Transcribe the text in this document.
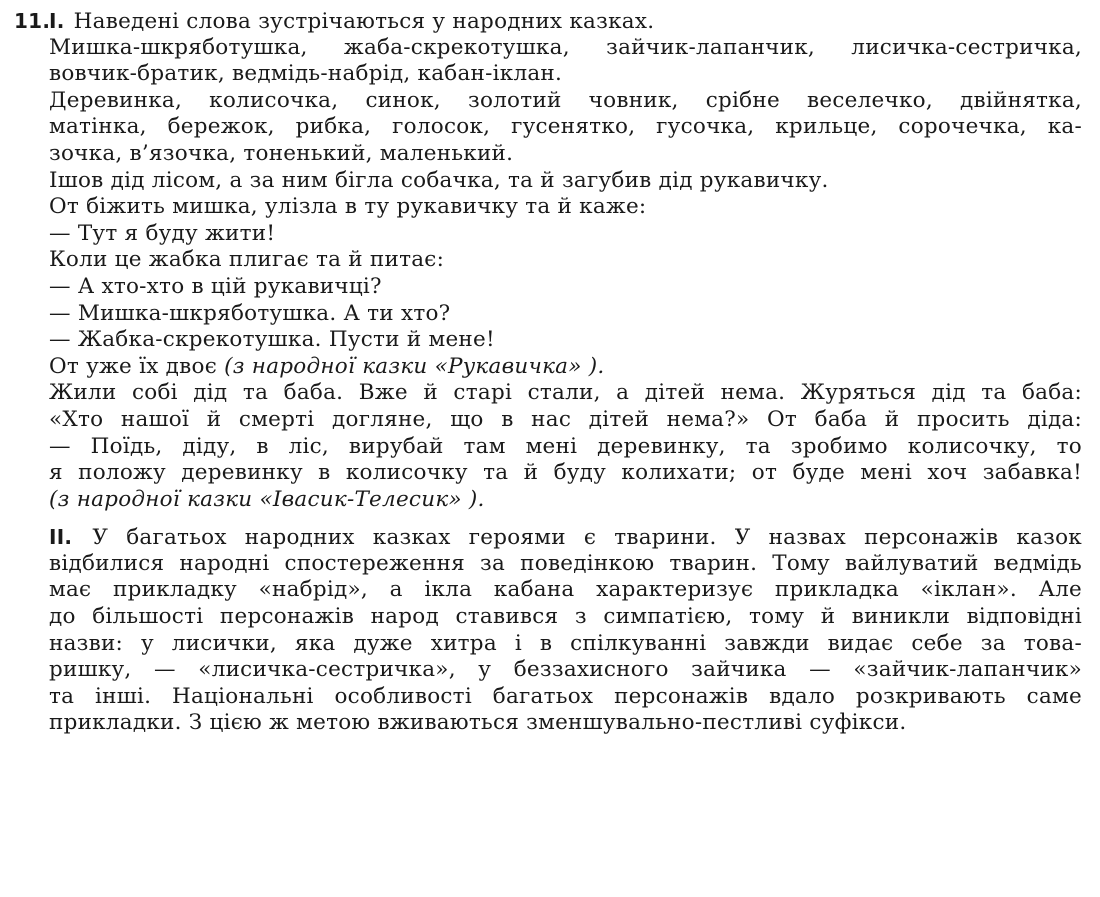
11.I. Наведені слова зустрічаються у народних казках.
Мишка-шкряботушка, жаба-скрекотушка, зайчик-лапанчик, лисичка-сестричка,
вовчик-братик, ведмідь-набрід, кабан-іклан.
Деревинка, колисочка, синок, золотий човник, срібне веселечко, двійнятка,
матінка, бережок, рибка, голосок, гусенятко, гусочка, крильце, сорочечка, ка-
зочка, в’язочка, тоненький, маленький.
Ішов дід лісом, а за ним бігла собачка, та й загубив дід рукавичку.
От біжить мишка, улізла в ту рукавичку та й каже:
— Тут я буду жити!
Коли це жабка плигає та й питає:
— А хто-хто в цій рукавичці?
— Мишка-шкряботушка. А ти хто?
— Жабка-скрекотушка. Пусти й мене!
От уже їх двоє (з народної казки «Рукавичка» ).
Жили собі дід та баба. Вже й старі стали, а дітей нема. Журяться дід та баба:
«Хто нашої й смерті догляне, що в нас дітей нема?» От баба й просить діда:
— Поїдь, діду, в ліс, вирубай там мені деревинку, та зробимо колисочку, то
я положу деревинку в колисочку та й буду колихати; от буде мені хоч забавка!
(з народної казки «Івасик-Телесик» ).
II. У багатьох народних казках героями є тварини. У назвах персонажів казок
відбилися народні спостереження за поведінкою тварин. Тому вайлуватий ведмідь
має прикладку «набрід», а ікла кабана характеризує прикладка «іклан». Але
до більшості персонажів народ ставився з симпатією, тому й виникли відповідні
назви: у лисички, яка дуже хитра і в спілкуванні завжди видає себе за това-
ришку, — «лисичка-сестричка», у беззахисного зайчика — «зайчик-лапанчик»
та інші. Національні особливості багатьох персонажів вдало розкривають саме
прикладки. З цією ж метою вживаються зменшувально-пестливі суфікси.
